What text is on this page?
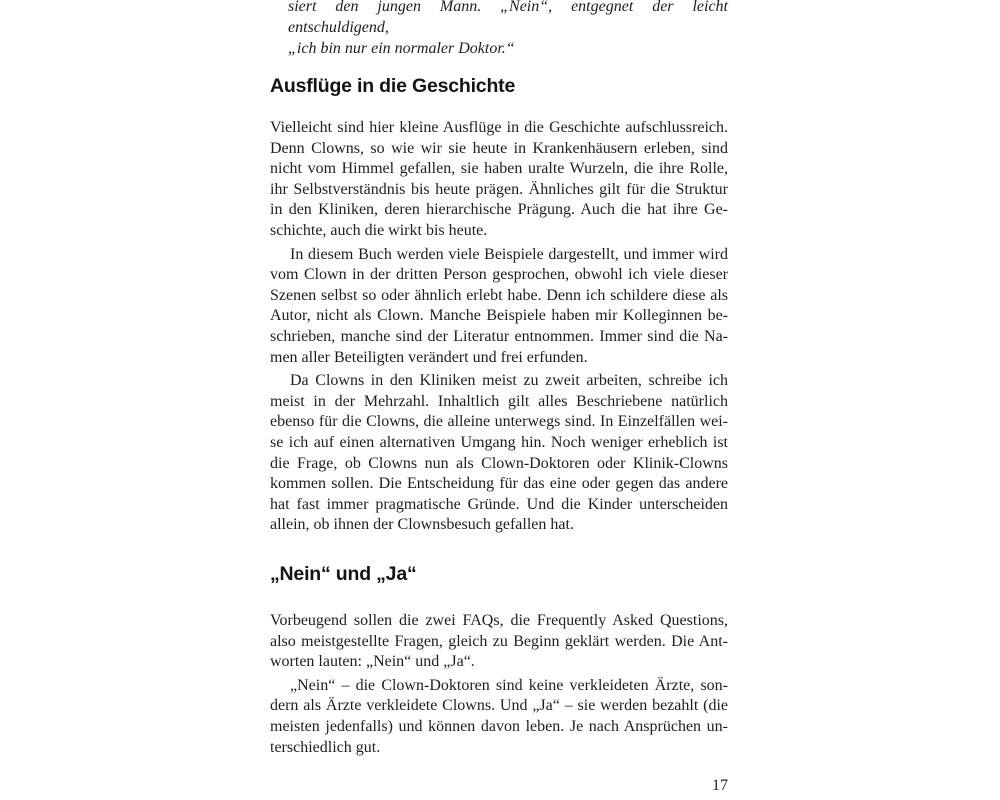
siert den jungen Mann. „Nein“, entgegnet der leicht entschuldigend,
„ich bin nur ein normaler Doktor.“
Ausflüge in die Geschichte
Vielleicht sind hier kleine Ausflüge in die Geschichte aufschlussreich.
Denn Clowns, so wie wir sie heute in Krankenhäusern erleben, sind
nicht vom Himmel gefallen, sie haben uralte Wurzeln, die ihre Rolle,
ihr Selbstverständnis bis heute prägen. Ähnliches gilt für die Struktur
in den Kliniken, deren hierarchische Prägung. Auch die hat ihre Ge-
schichte, auch die wirkt bis heute.
In diesem Buch werden viele Beispiele dargestellt, und immer wird
vom Clown in der dritten Person gesprochen, obwohl ich viele dieser
Szenen selbst so oder ähnlich erlebt habe. Denn ich schildere diese als
Autor, nicht als Clown. Manche Beispiele haben mir Kolleginnen be-
schrieben, manche sind der Literatur entnommen. Immer sind die Na-
men aller Beteiligten verändert und frei erfunden.
Da Clowns in den Kliniken meist zu zweit arbeiten, schreibe ich
meist in der Mehrzahl. Inhaltlich gilt alles Beschriebene natürlich
ebenso für die Clowns, die alleine unterwegs sind. In Einzelfällen wei-
se ich auf einen alternativen Umgang hin. Noch weniger erheblich ist
die Frage, ob Clowns nun als Clown-Doktoren oder Klinik-Clowns
kommen sollen. Die Entscheidung für das eine oder gegen das andere
hat fast immer pragmatische Gründe. Und die Kinder unterscheiden
allein, ob ihnen der Clownsbesuch gefallen hat.
„Nein“ und „Ja“
Vorbeugend sollen die zwei FAQs, die Frequently Asked Questions,
also meistgestellte Fragen, gleich zu Beginn geklärt werden. Die Ant-
worten lauten: „Nein“ und „Ja“.
„Nein“ – die Clown-Doktoren sind keine verkleideten Ärzte, son-
dern als Ärzte verkleidete Clowns. Und „Ja“ – sie werden bezahlt (die
meisten jedenfalls) und können davon leben. Je nach Ansprüchen un-
terschiedlich gut.
17
